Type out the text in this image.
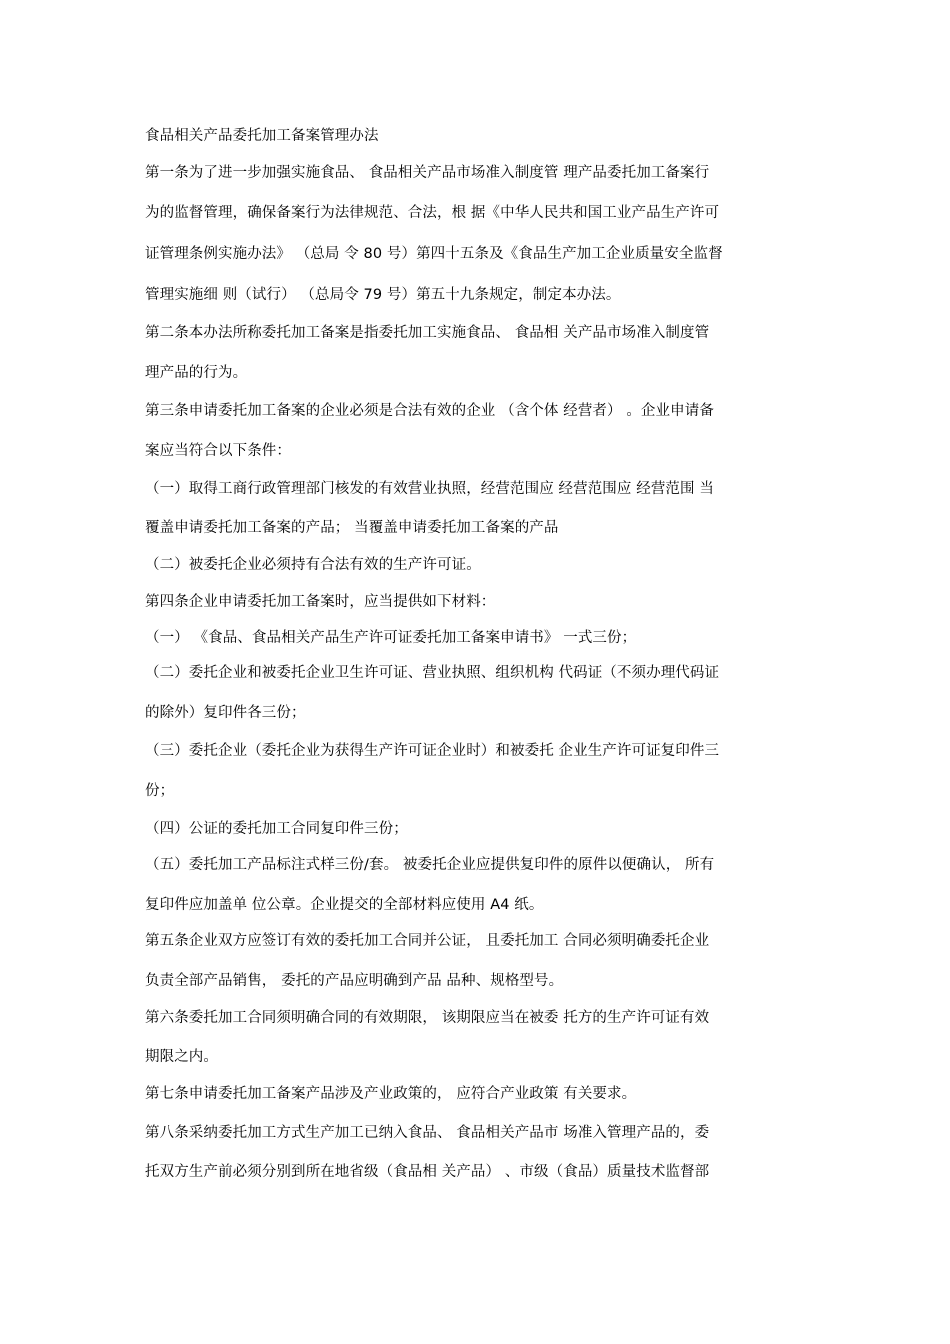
食品相关产品委托加工备案管理办法
第一条为了进一步加强实施食品、 食品相关产品市场准入制度管 理产品委托加工备案行
为的监督管理，确保备案行为法律规范、合法，根 据《中华人民共和国工业产品生产许可
证管理条例实施办法》 （总局 令 80 号）第四十五条及《食品生产加工企业质量安全监督
管理实施细 则（试行） （总局令 79 号）第五十九条规定，制定本办法。
第二条本办法所称委托加工备案是指委托加工实施食品、 食品相 关产品市场准入制度管
理产品的行为。
第三条申请委托加工备案的企业必须是合法有效的企业 （含个体 经营者） 。企业申请备
案应当符合以下条件：
（一）取得工商行政管理部门核发的有效营业执照，经营范围应 经营范围应 经营范围 当
覆盖申请委托加工备案的产品； 当覆盖申请委托加工备案的产品
（二）被委托企业必须持有合法有效的生产许可证。
第四条企业申请委托加工备案时，应当提供如下材料：
（一） 《食品、食品相关产品生产许可证委托加工备案申请书》 一式三份；
（二）委托企业和被委托企业卫生许可证、营业执照、组织机构 代码证（不须办理代码证
的除外）复印件各三份；
（三）委托企业（委托企业为获得生产许可证企业时）和被委托 企业生产许可证复印件三
份；
（四）公证的委托加工合同复印件三份；
（五）委托加工产品标注式样三份/套。 被委托企业应提供复印件的原件以便确认， 所有
复印件应加盖单 位公章。企业提交的全部材料应使用 A4 纸。
第五条企业双方应签订有效的委托加工合同并公证， 且委托加工 合同必须明确委托企业
负责全部产品销售， 委托的产品应明确到产品 品种、规格型号。
第六条委托加工合同须明确合同的有效期限， 该期限应当在被委 托方的生产许可证有效
期限之内。
第七条申请委托加工备案产品涉及产业政策的， 应符合产业政策 有关要求。
第八条采纳委托加工方式生产加工已纳入食品、 食品相关产品市 场准入管理产品的，委
托双方生产前必须分别到所在地省级（食品相 关产品） 、市级（食品）质量技术监督部
